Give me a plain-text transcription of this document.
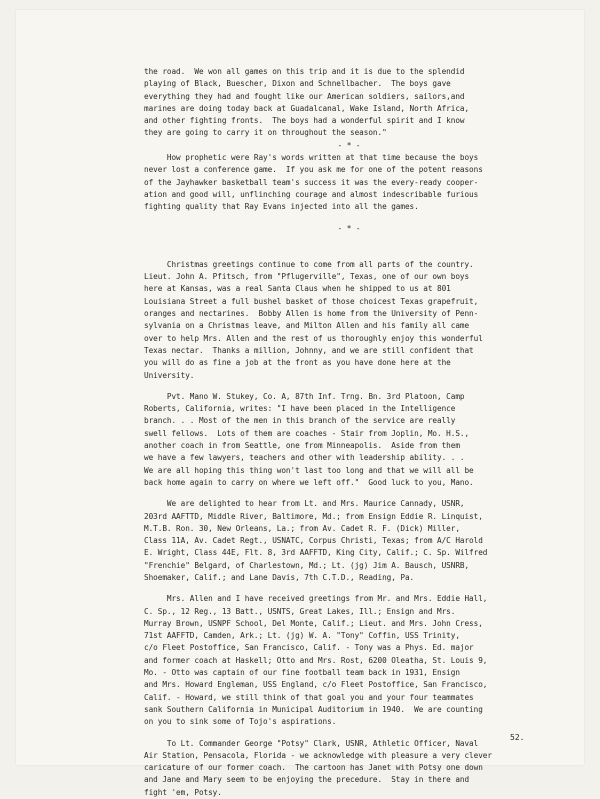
the road.  We won all games on this trip and it is due to the splendid
playing of Black, Buescher, Dixon and Schnellbacher.  The boys gave
everything they had and fought like our American soldiers, sailors,and
marines are doing today back at Guadalcanal, Wake Island, North Africa,
and other fighting fronts.  The boys had a wonderful spirit and I know
they are going to carry it on throughout the season."
- * -
How prophetic were Ray's words written at that time because the boys
never lost a conference game.  If you ask me for one of the potent reasons
of the Jayhawker basketball team's success it was the every-ready cooper-
ation and good will, unflinching courage and almost indescribable furious
fighting quality that Ray Evans injected into all the games.
- * -
Christmas greetings continue to come from all parts of the country.
Lieut. John A. Pfitsch, from "Pflugerville", Texas, one of our own boys
here at Kansas, was a real Santa Claus when he shipped to us at 801
Louisiana Street a full bushel basket of those choicest Texas grapefruit,
oranges and nectarines.  Bobby Allen is home from the University of Penn-
sylvania on a Christmas leave, and Milton Allen and his family all came
over to help Mrs. Allen and the rest of us thoroughly enjoy this wonderful
Texas nectar.  Thanks a million, Johnny, and we are still confident that
you will do as fine a job at the front as you have done here at the
University.
Pvt. Mano W. Stukey, Co. A, 87th Inf. Trng. Bn. 3rd Platoon, Camp
Roberts, California, writes: "I have been placed in the Intelligence
branch. . . Most of the men in this branch of the service are really
swell fellows.  Lots of them are coaches - Stair from Joplin, Mo. H.S.,
another coach in from Seattle, one from Minneapolis.  Aside from them
we have a few lawyers, teachers and other with leadership ability. . .
We are all hoping this thing won't last too long and that we will all be
back home again to carry on where we left off."  Good luck to you, Mano.
We are delighted to hear from Lt. and Mrs. Maurice Cannady, USNR,
203rd AAFTTD, Middle River, Baltimore, Md.; from Ensign Eddie R. Linquist,
M.T.B. Ron. 30, New Orleans, La.; from Av. Cadet R. F. (Dick) Miller,
Class 11A, Av. Cadet Regt., USNATC, Corpus Christi, Texas; from A/C Harold
E. Wright, Class 44E, Flt. 8, 3rd AAFFTD, King City, Calif.; C. Sp. Wilfred
"Frenchie" Belgard, of Charlestown, Md.; Lt. (jg) Jim A. Bausch, USNRB,
Shoemaker, Calif.; and Lane Davis, 7th C.T.D., Reading, Pa.
Mrs. Allen and I have received greetings from Mr. and Mrs. Eddie Hall,
C. Sp., 12 Reg., 13 Batt., USNTS, Great Lakes, Ill.; Ensign and Mrs.
Murray Brown, USNPF School, Del Monte, Calif.; Lieut. and Mrs. John Cress,
71st AAFFTD, Camden, Ark.; Lt. (jg) W. A. "Tony" Coffin, USS Trinity,
c/o Fleet Postoffice, San Francisco, Calif. - Tony was a Phys. Ed. major
and former coach at Haskell; Otto and Mrs. Rost, 6200 Oleatha, St. Louis 9,
Mo. - Otto was captain of our fine football team back in 1931, Ensign
and Mrs. Howard Engleman, USS England, c/o Fleet Postoffice, San Francisco,
Calif. - Howard, we still think of that goal you and your four teammates
sank Southern California in Municipal Auditorium in 1940.  We are counting
on you to sink some of Tojo's aspirations.
To Lt. Commander George "Potsy" Clark, USNR, Athletic Officer, Naval
Air Station, Pensacola, Florida - we acknowledge with pleasure a very clever
caricature of our former coach.  The cartoon has Janet with Potsy one down
and Jane and Mary seem to be enjoying the precedure.  Stay in there and
fight 'em, Potsy.
52.
